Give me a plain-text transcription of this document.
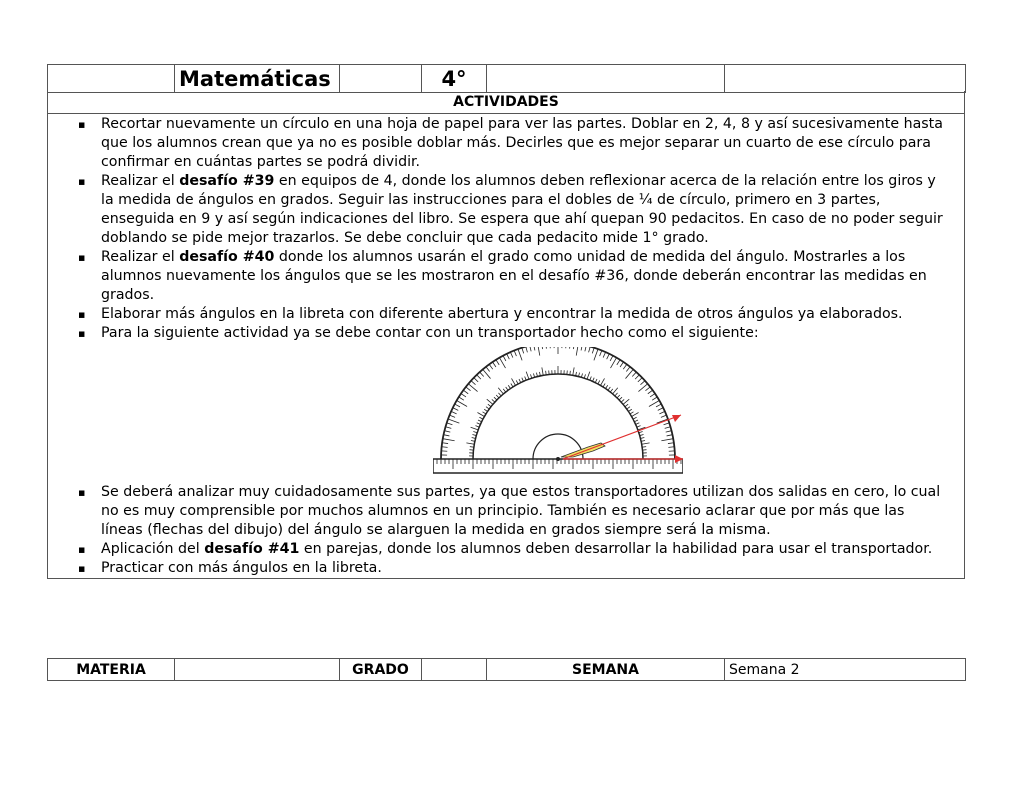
	Matemáticas		4°		
ACTIVIDADES

▪ Recortar nuevamente un círculo en una hoja de papel para ver las partes. Doblar en 2, 4, 8 y así sucesivamente hasta que los alumnos crean que ya no es posible doblar más. Decirles que es mejor separar un cuarto de ese círculo para confirmar en cuántas partes se podrá dividir.
▪ Realizar el desafío #39 en equipos de 4, donde los alumnos deben reflexionar acerca de la relación entre los giros y la medida de ángulos en grados. Seguir las instrucciones para el dobles de ¼ de círculo, primero en 3 partes, enseguida en 9 y así según indicaciones del libro. Se espera que ahí quepan 90 pedacitos. En caso de no poder seguir doblando se pide mejor trazarlos. Se debe concluir que cada pedacito mide 1° grado.
▪ Realizar el desafío #40 donde los alumnos usarán el grado como unidad de medida del ángulo. Mostrarles a los alumnos nuevamente los ángulos que se les mostraron en el desafío #36, donde deberán encontrar las medidas en grados.
▪ Elaborar más ángulos en la libreta con diferente abertura y encontrar la medida de otros ángulos ya elaborados.
▪ Para la siguiente actividad ya se debe contar con un transportador hecho como el siguiente:
▪ Se deberá analizar muy cuidadosamente sus partes, ya que estos transportadores utilizan dos salidas en cero, lo cual no es muy comprensible por muchos alumnos en un principio. También es necesario aclarar que por más que las líneas (flechas del dibujo) del ángulo se alarguen la medida en grados siempre será la misma.
▪ Aplicación del desafío #41 en parejas, donde los alumnos deben desarrollar la habilidad para usar el transportador.
▪ Practicar con más ángulos en la libreta.
MATERIA		GRADO		SEMANA	Semana 2
